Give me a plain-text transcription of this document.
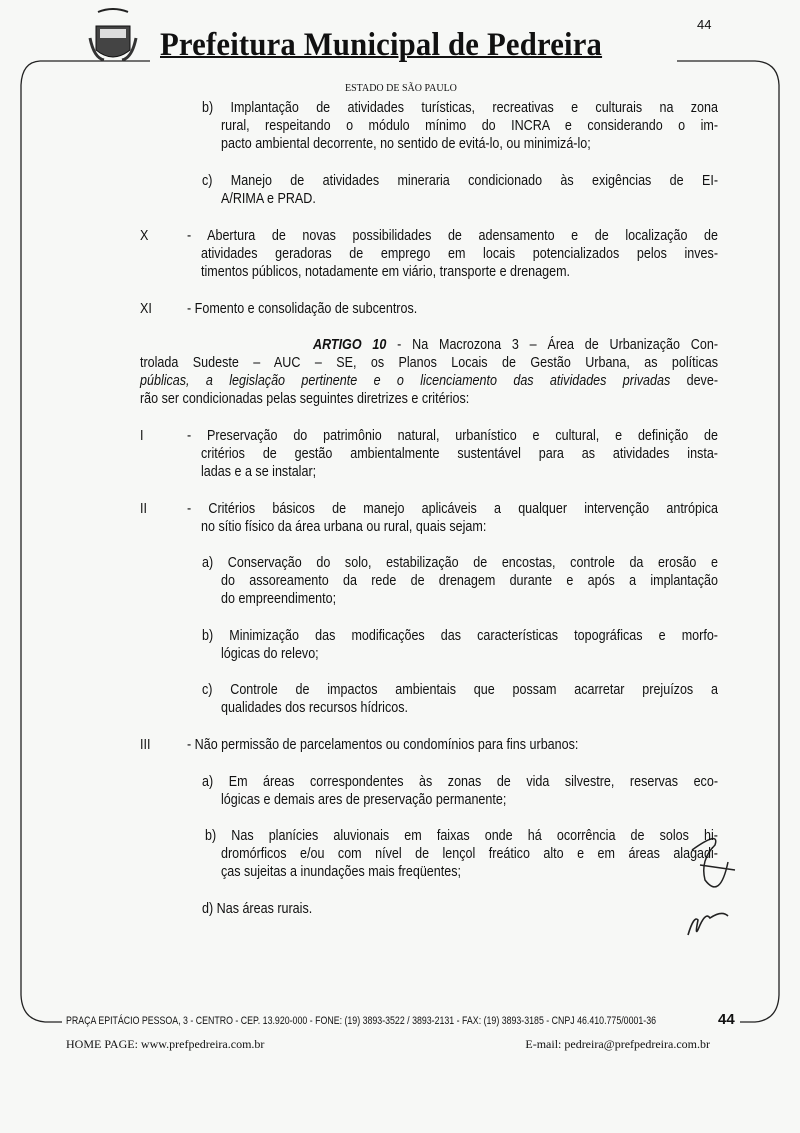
Prefeitura Municipal de Pedreira
44
ESTADO DE SÃO PAULO
b) Implantação de atividades turísticas, recreativas e culturais na zona
rural, respeitando o módulo mínimo do INCRA e considerando o im-
pacto ambiental decorrente, no sentido de evitá-lo, ou minimizá-lo;
c) Manejo de atividades mineraria condicionado às exigências de EI-
A/RIMA e PRAD.
- Abertura de novas possibilidades de adensamento e de localização de
atividades geradoras de emprego em locais potencializados pelos inves-
timentos públicos, notadamente em viário, transporte e drenagem.
- Fomento e consolidação de subcentros.
ARTIGO 10 - Na Macrozona 3 – Área de Urbanização Con-
trolada Sudeste – AUC – SE, os Planos Locais de Gestão Urbana, as políticas
públicas, a legislação pertinente e o licenciamento das atividades privadas deve-
rão ser condicionadas pelas seguintes diretrizes e critérios:
- Preservação do patrimônio natural, urbanístico e cultural, e definição de
critérios de gestão ambientalmente sustentável para as atividades insta-
ladas e a se instalar;
- Critérios básicos de manejo aplicáveis a qualquer intervenção antrópica
no sítio físico da área urbana ou rural, quais sejam:
a) Conservação do solo, estabilização de encostas, controle da erosão e
do assoreamento da rede de drenagem durante e após a implantação
do empreendimento;
b) Minimização das modificações das características topográficas e morfo-
lógicas do relevo;
c) Controle de impactos ambientais que possam acarretar prejuízos a
qualidades dos recursos hídricos.
- Não permissão de parcelamentos ou condomínios para fins urbanos:
a) Em áreas correspondentes às zonas de vida silvestre, reservas eco-
lógicas e demais ares de preservação permanente;
b) Nas planícies aluvionais em faixas onde há ocorrência de solos hi-
dromórficos e/ou com nível de lençol freático alto e em áreas alagadi-
ças sujeitas a inundações mais freqüentes;
d) Nas áreas rurais.
X
XI
I
II
III
PRAÇA EPITÁCIO PESSOA, 3 - CENTRO - CEP. 13.920-000 - FONE: (19) 3893-3522 / 3893-2131 - FAX: (19) 3893-3185 - CNPJ 46.410.775/0001-36	44
HOME PAGE: www.prefpedreira.com.br	E-mail: pedreira@prefpedreira.com.br
